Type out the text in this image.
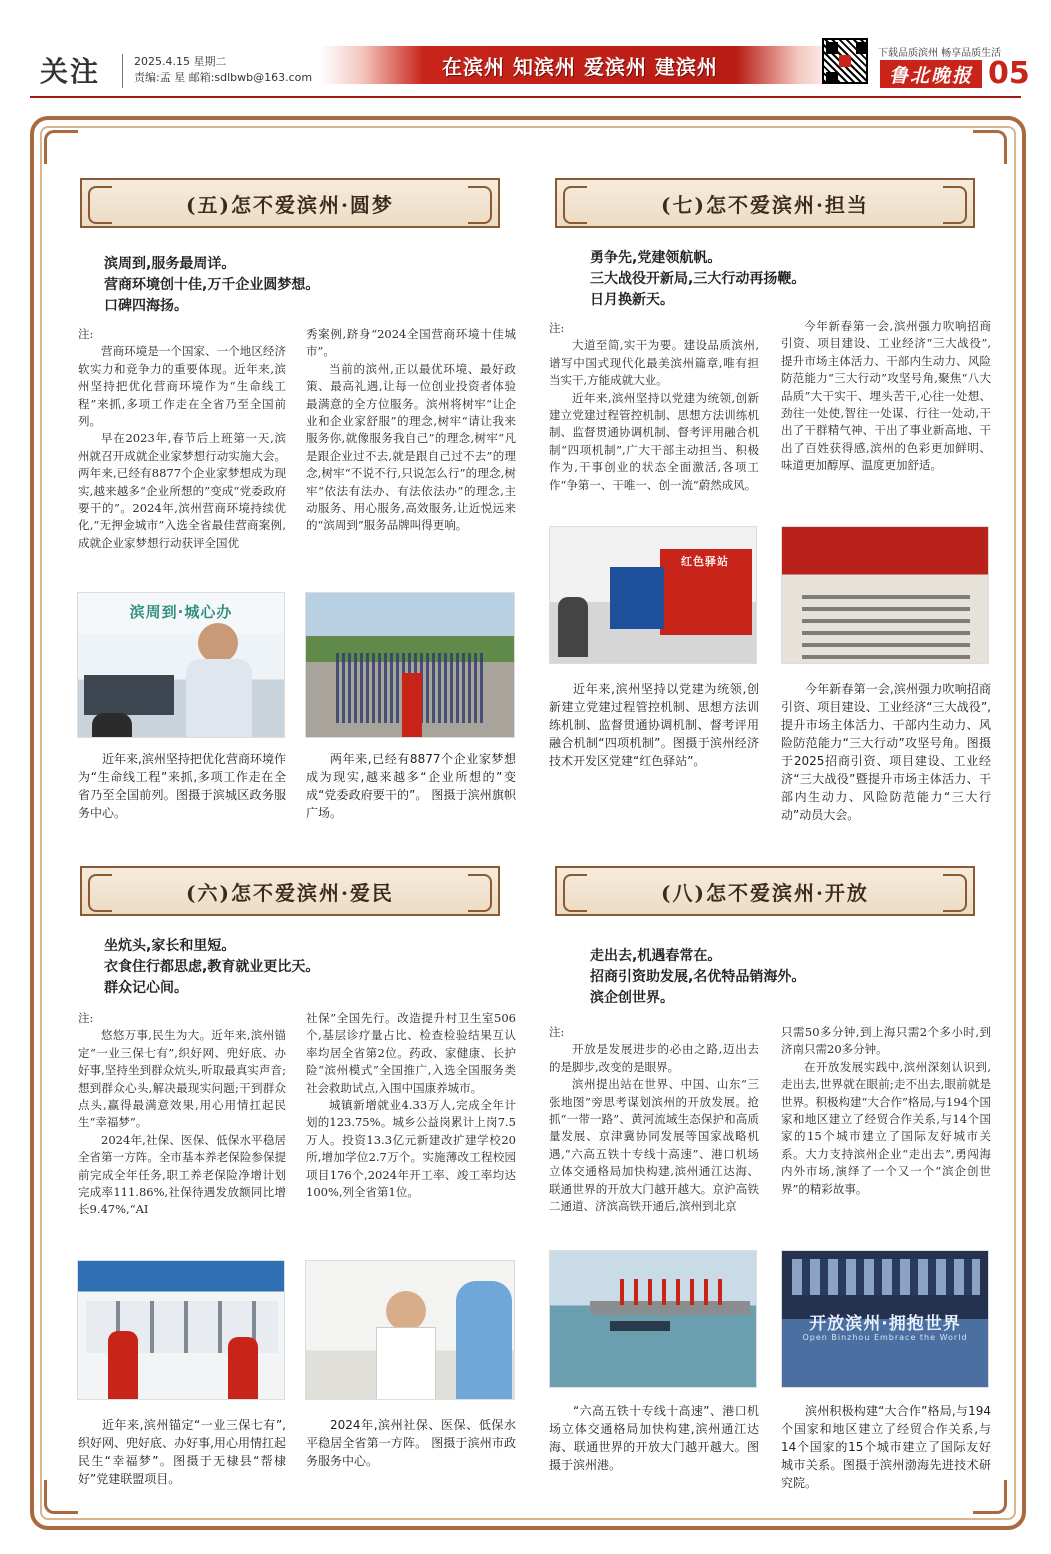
关注	2025.4.15 星期二
责编:孟 星 邮箱:sdlbwb@163.com	在滨州 知滨州 爱滨州 建滨州
下载品质滨州 畅享品质生活
鲁北晚报 05
(五)怎不爱滨州·圆梦
滨周到,服务最周详。
营商环境创十佳,万千企业圆梦想。
口碑四海扬。

注:

营商环境是一个国家、一个地区经济软实力和竞争力的重要体现。近年来,滨州坚持把优化营商环境作为“生命线工程”来抓,多项工作走在全省乃至全国前列。

早在2023年,春节后上班第一天,滨州就召开成就企业家梦想行动实施大会。两年来,已经有8877个企业家梦想成为现实,越来越多“企业所想的”变成“党委政府要干的”。2024年,滨州营商环境持续优化,“无押金城市”入选全省最佳营商案例,成就企业家梦想行动获评全国优

秀案例,跻身“2024全国营商环境十佳城市”。

当前的滨州,正以最优环境、最好政策、最高礼遇,让每一位创业投资者体验最满意的全方位服务。滨州将树牢“让企业和企业家舒服”的理念,树牢“请让我来服务你,就像服务我自己”的理念,树牢“凡是跟企业过不去,就是跟自己过不去”的理念,树牢“不说不行,只说怎么行”的理念,树牢“依法有法办、有法依法办”的理念,主动服务、用心服务,高效服务,让近悦远来的“滨周到”服务品牌叫得更响。

滨周到·城心办
近年来,滨州坚持把优化营商环境作为“生命线工程”来抓,多项工作走在全省乃至全国前列。图摄于滨城区政务服务中心。
两年来,已经有8877个企业家梦想成为现实,越来越多“企业所想的”变成“党委政府要干的”。 图摄于滨州旗帜广场。
(七)怎不爱滨州·担当
勇争先,党建领航帆。
三大战役开新局,三大行动再扬鞭。
日月换新天。

注:

大道至简,实干为要。建设品质滨州,谱写中国式现代化最美滨州篇章,唯有担当实干,方能成就大业。

近年来,滨州坚持以党建为统领,创新建立党建过程管控机制、思想方法训练机制、监督贯通协调机制、督考评用融合机制“四项机制”,广大干部主动担当、积极作为,干事创业的状态全面激活,各项工作“争第一、干唯一、创一流”蔚然成风。

今年新春第一会,滨州强力吹响招商引资、项目建设、工业经济“三大战役”,提升市场主体活力、干部内生动力、风险防范能力“三大行动”攻坚号角,聚焦“八大品质”大干实干、埋头苦干,心往一处想、劲往一处使,智往一处谋、行往一处动,干出了干群精气神、干出了事业新高地、干出了百姓获得感,滨州的色彩更加鲜明、味道更加醇厚、温度更加舒适。

红色驿站
近年来,滨州坚持以党建为统领,创新建立党建过程管控机制、思想方法训练机制、监督贯通协调机制、督考评用融合机制“四项机制”。图摄于滨州经济技术开发区党建“红色驿站”。
今年新春第一会,滨州强力吹响招商引资、项目建设、工业经济“三大战役”,提升市场主体活力、干部内生动力、风险防范能力“三大行动”攻坚号角。图摄于2025招商引资、项目建设、工业经济“三大战役”暨提升市场主体活力、干部内生动力、风险防范能力“三大行动”动员大会。
(六)怎不爱滨州·爱民
坐炕头,家长和里短。
衣食住行都思虑,教育就业更比天。
群众记心间。

注:

悠悠万事,民生为大。近年来,滨州锚定“一业三保七有”,织好网、兜好底、办好事,坚持坐到群众炕头,听取最真实声音;想到群众心头,解决最现实问题;干到群众点头,赢得最满意效果,用心用情扛起民生“幸福梦”。

2024年,社保、医保、低保水平稳居全省第一方阵。全市基本养老保险参保提前完成全年任务,职工养老保险净增计划完成率111.86%,社保待遇发放额同比增长9.47%,“AI

社保”全国先行。改造提升村卫生室506个,基层诊疗量占比、检查检验结果互认率均居全省第2位。药政、家健康、长护险“滨州模式”全国推广,入选全国服务类社会救助试点,入围中国康养城市。

城镇新增就业4.33万人,完成全年计划的123.75%。城乡公益岗累计上岗7.5万人。投资13.3亿元新建改扩建学校20所,增加学位2.7万个。实施薄改工程校园项目176个,2024年开工率、竣工率均达100%,列全省第1位。

近年来,滨州锚定“一业三保七有”,织好网、兜好底、办好事,用心用情扛起民生“幸福梦”。图摄于无棣县“帮棣好”党建联盟项目。
2024年,滨州社保、医保、低保水平稳居全省第一方阵。 图摄于滨州市政务服务中心。
(八)怎不爱滨州·开放
走出去,机遇春常在。
招商引资助发展,名优特品销海外。
滨企创世界。

注:

开放是发展进步的必由之路,迈出去的是脚步,改变的是眼界。

滨州提出站在世界、中国、山东“三张地图”旁思考谋划滨州的开放发展。抢抓“一带一路”、黄河流域生态保护和高质量发展、京津冀协同发展等国家战略机遇,“六高五铁十专线十高速”、港口机场立体交通格局加快构建,滨州通江达海、联通世界的开放大门越开越大。京沪高铁二通道、济滨高铁开通后,滨州到北京

只需50多分钟,到上海只需2个多小时,到济南只需20多分钟。

在开放发展实践中,滨州深刻认识到,走出去,世界就在眼前;走不出去,眼前就是世界。积极构建“大合作”格局,与194个国家和地区建立了经贸合作关系,与14个国家的15个城市建立了国际友好城市关系。大力支持滨州企业“走出去”,勇闯海内外市场,演绎了一个又一个“滨企创世界”的精彩故事。

开放滨州·拥抱世界
Open Binzhou Embrace the World
“六高五铁十专线十高速”、港口机场立体交通格局加快构建,滨州通江达海、联通世界的开放大门越开越大。图摄于滨州港。
滨州积极构建“大合作”格局,与194个国家和地区建立了经贸合作关系,与14个国家的15个城市建立了国际友好城市关系。图摄于滨州渤海先进技术研究院。
